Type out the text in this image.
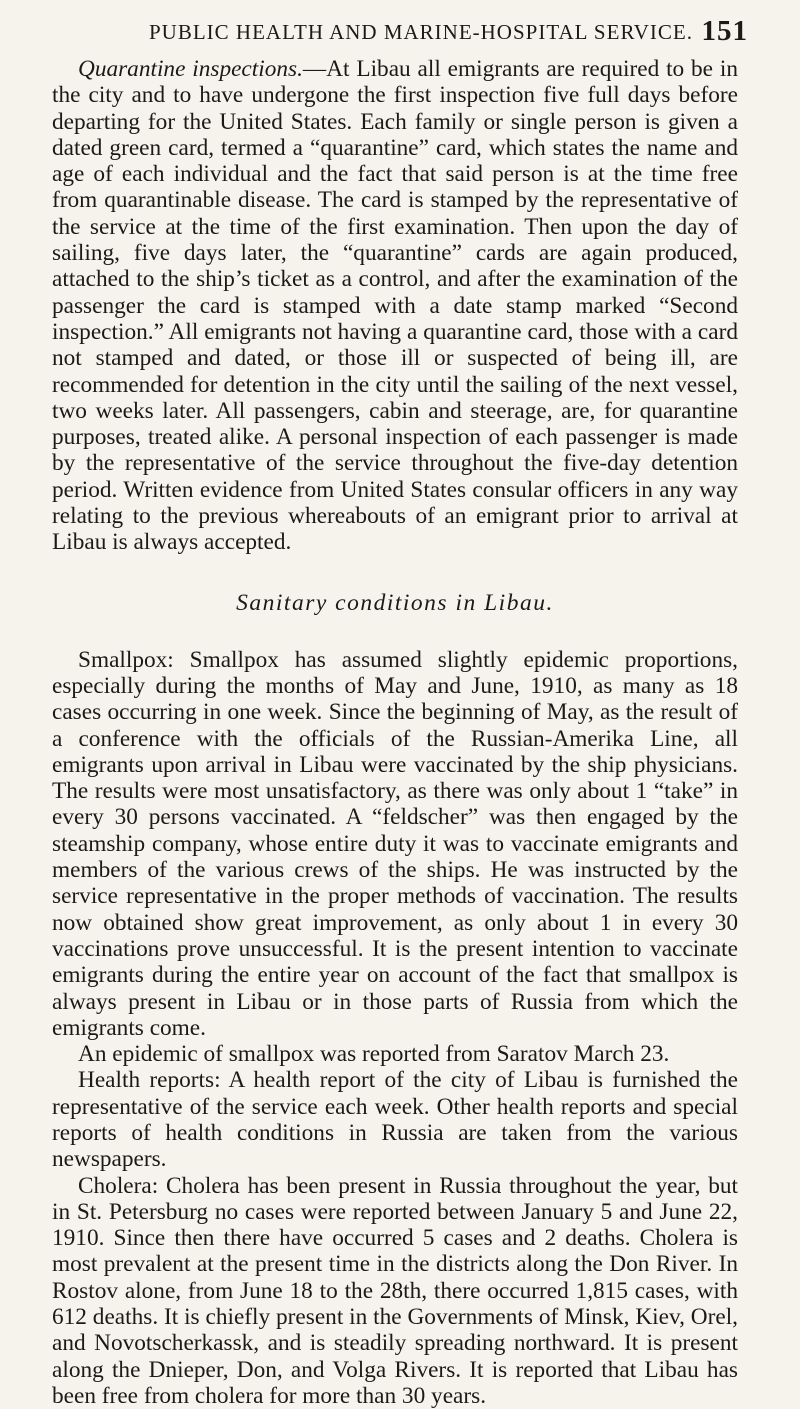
PUBLIC HEALTH AND MARINE-HOSPITAL SERVICE. 151

Quarantine inspections.—At Libau all emigrants are required to be in the city and to have undergone the first inspection five full days before departing for the United States. Each family or single person is given a dated green card, termed a “quarantine” card, which states the name and age of each individual and the fact that said person is at the time free from quarantinable disease. The card is stamped by the representative of the service at the time of the first examination. Then upon the day of sailing, five days later, the “quarantine” cards are again produced, attached to the ship’s ticket as a control, and after the examination of the passenger the card is stamped with a date stamp marked “Second inspection.” All emigrants not having a quarantine card, those with a card not stamped and dated, or those ill or suspected of being ill, are recommended for detention in the city until the sailing of the next vessel, two weeks later. All passengers, cabin and steerage, are, for quarantine purposes, treated alike. A personal inspection of each passenger is made by the representative of the service throughout the five-day detention period. Written evidence from United States consular officers in any way relating to the previous whereabouts of an emigrant prior to arrival at Libau is always accepted.

Sanitary conditions in Libau.

Smallpox: Smallpox has assumed slightly epidemic proportions, especially during the months of May and June, 1910, as many as 18 cases occurring in one week. Since the beginning of May, as the result of a conference with the officials of the Russian-Amerika Line, all emigrants upon arrival in Libau were vaccinated by the ship physicians. The results were most unsatisfactory, as there was only about 1 “take” in every 30 persons vaccinated. A “feldscher” was then engaged by the steamship company, whose entire duty it was to vaccinate emigrants and members of the various crews of the ships. He was instructed by the service representative in the proper methods of vaccination. The results now obtained show great improvement, as only about 1 in every 30 vaccinations prove unsuccessful. It is the present intention to vaccinate emigrants during the entire year on account of the fact that smallpox is always present in Libau or in those parts of Russia from which the emigrants come.

An epidemic of smallpox was reported from Saratov March 23.

Health reports: A health report of the city of Libau is furnished the representative of the service each week. Other health reports and special reports of health conditions in Russia are taken from the various newspapers.

Cholera: Cholera has been present in Russia throughout the year, but in St. Petersburg no cases were reported between January 5 and June 22, 1910. Since then there have occurred 5 cases and 2 deaths. Cholera is most prevalent at the present time in the districts along the Don River. In Rostov alone, from June 18 to the 28th, there occurred 1,815 cases, with 612 deaths. It is chiefly present in the Governments of Minsk, Kiev, Orel, and Novotscherkassk, and is steadily spreading northward. It is present along the Dnieper, Don, and Volga Rivers. It is reported that Libau has been free from cholera for more than 30 years.
